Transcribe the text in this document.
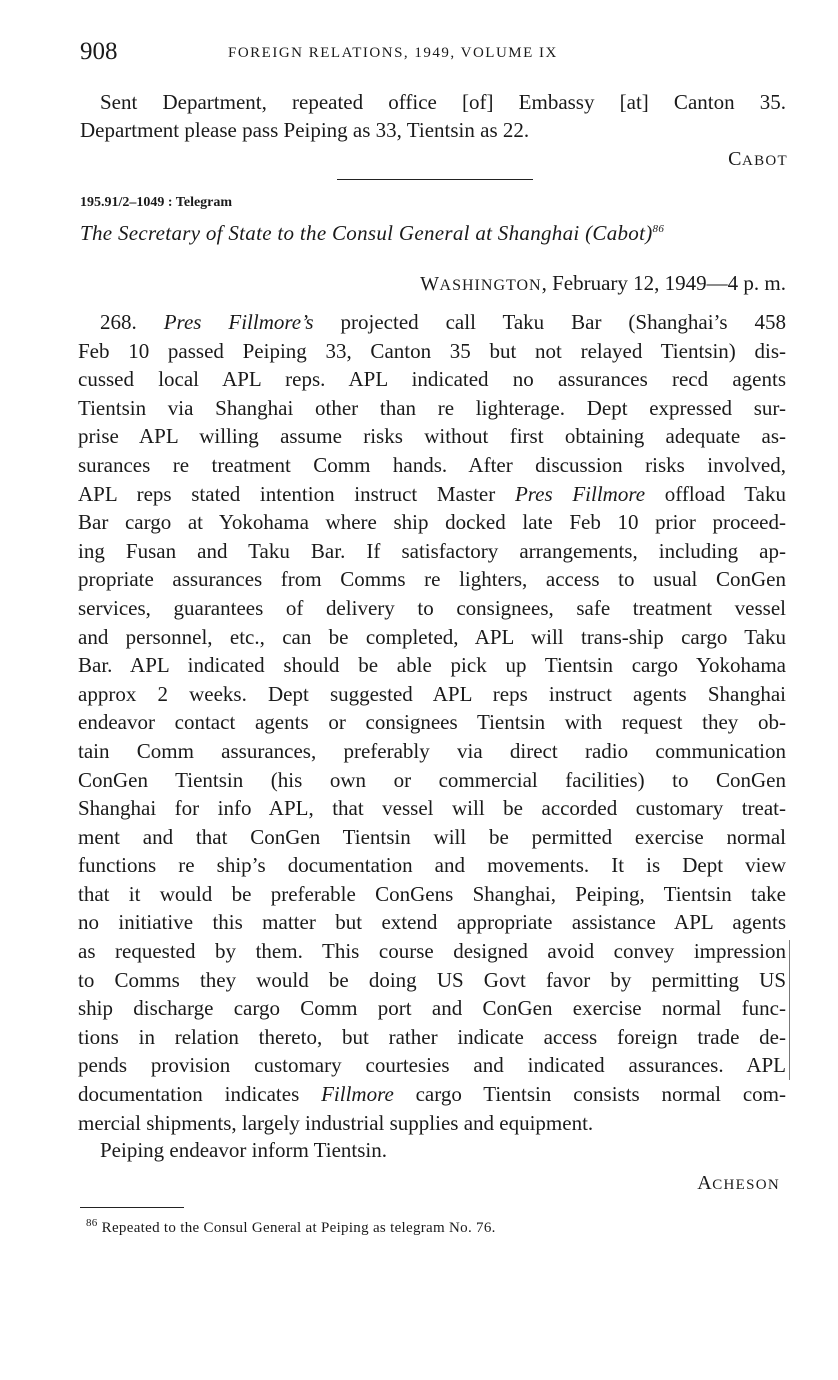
908	FOREIGN RELATIONS, 1949, VOLUME IX
Sent Department, repeated office [of] Embassy [at] Canton 35.
Department please pass Peiping as 33, Tientsin as 22.
CABOT
195.91/2–1049 : Telegram
The Secretary of State to the Consul General at Shanghai (Cabot)$^{86}$
WASHINGTON, February 12, 1949—4 p. m.
268. Pres Fillmore’s projected call Taku Bar (Shanghai’s 458
Feb 10 passed Peiping 33, Canton 35 but not relayed Tientsin) dis-
cussed local APL reps. APL indicated no assurances recd agents
Tientsin via Shanghai other than re lighterage. Dept expressed sur-
prise APL willing assume risks without first obtaining adequate as-
surances re treatment Comm hands. After discussion risks involved,
APL reps stated intention instruct Master Pres Fillmore offload Taku
Bar cargo at Yokohama where ship docked late Feb 10 prior proceed-
ing Fusan and Taku Bar. If satisfactory arrangements, including ap-
propriate assurances from Comms re lighters, access to usual ConGen
services, guarantees of delivery to consignees, safe treatment vessel
and personnel, etc., can be completed, APL will trans-ship cargo Taku
Bar. APL indicated should be able pick up Tientsin cargo Yokohama
approx 2 weeks. Dept suggested APL reps instruct agents Shanghai
endeavor contact agents or consignees Tientsin with request they ob-
tain Comm assurances, preferably via direct radio communication
ConGen Tientsin (his own or commercial facilities) to ConGen
Shanghai for info APL, that vessel will be accorded customary treat-
ment and that ConGen Tientsin will be permitted exercise normal
functions re ship’s documentation and movements. It is Dept view
that it would be preferable ConGens Shanghai, Peiping, Tientsin take
no initiative this matter but extend appropriate assistance APL agents
as requested by them. This course designed avoid convey impression
to Comms they would be doing US Govt favor by permitting US
ship discharge cargo Comm port and ConGen exercise normal func-
tions in relation thereto, but rather indicate access foreign trade de-
pends provision customary courtesies and indicated assurances. APL
documentation indicates Fillmore cargo Tientsin consists normal com-
mercial shipments, largely industrial supplies and equipment.
Peiping endeavor inform Tientsin.
ACHESON
$^{86}$ Repeated to the Consul General at Peiping as telegram No. 76.
